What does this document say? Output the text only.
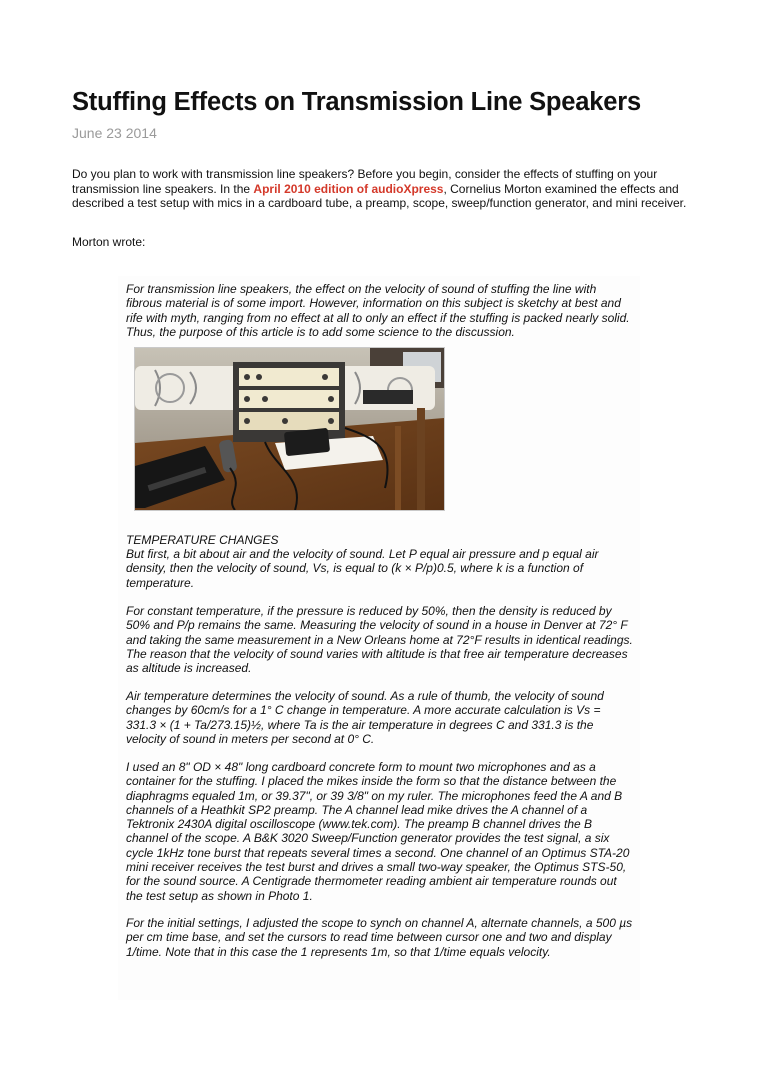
Stuffing Effects on Transmission Line Speakers
June 23 2014

Do you plan to work with transmission line speakers? Before you begin, consider the effects of stuffing on your transmission line speakers. In the April 2010 edition of audioXpress, Cornelius Morton examined the effects and described a test setup with mics in a cardboard tube, a preamp, scope, sweep/function generator, and mini receiver.

Morton wrote:

For transmission line speakers, the effect on the velocity of sound of stuffing the line with fibrous material is of some import. However, information on this subject is sketchy at best and rife with myth, ranging from no effect at all to only an effect if the stuffing is packed nearly solid. Thus, the purpose of this article is to add some science to the discussion.

TEMPERATURE CHANGES

But first, a bit about air and the velocity of sound. Let P equal air pressure and p equal air density, then the velocity of sound, Vs, is equal to (k × P/p)0.5, where k is a function of temperature.

For constant temperature, if the pressure is reduced by 50%, then the density is reduced by 50% and P/p remains the same. Measuring the velocity of sound in a house in Denver at 72° F and taking the same measurement in a New Orleans home at 72°F results in identical readings. The reason that the velocity of sound varies with altitude is that free air temperature decreases as altitude is increased.

Air temperature determines the velocity of sound. As a rule of thumb, the velocity of sound changes by 60cm/s for a 1° C change in temperature. A more accurate calculation is Vs = 331.3 × (1 + Ta/273.15)½, where Ta is the air temperature in degrees C and 331.3 is the velocity of sound in meters per second at 0° C.

I used an 8" OD × 48" long cardboard concrete form to mount two microphones and as a container for the stuffing. I placed the mikes inside the form so that the distance between the diaphragms equaled 1m, or 39.37", or 39 3/8" on my ruler. The microphones feed the A and B channels of a Heathkit SP2 preamp. The A channel lead mike drives the A channel of a Tektronix 2430A digital oscilloscope (www.tek.com). The preamp B channel drives the B channel of the scope. A B&K 3020 Sweep/Function generator provides the test signal, a six cycle 1kHz tone burst that repeats several times a second. One channel of an Optimus STA-20 mini receiver receives the test burst and drives a small two-way speaker, the Optimus STS-50, for the sound source. A Centigrade thermometer reading ambient air temperature rounds out the test setup as shown in Photo 1.

For the initial settings, I adjusted the scope to synch on channel A, alternate channels, a 500 µs per cm time base, and set the cursors to read time between cursor one and two and display 1/time. Note that in this case the 1 represents 1m, so that 1/time equals velocity.
